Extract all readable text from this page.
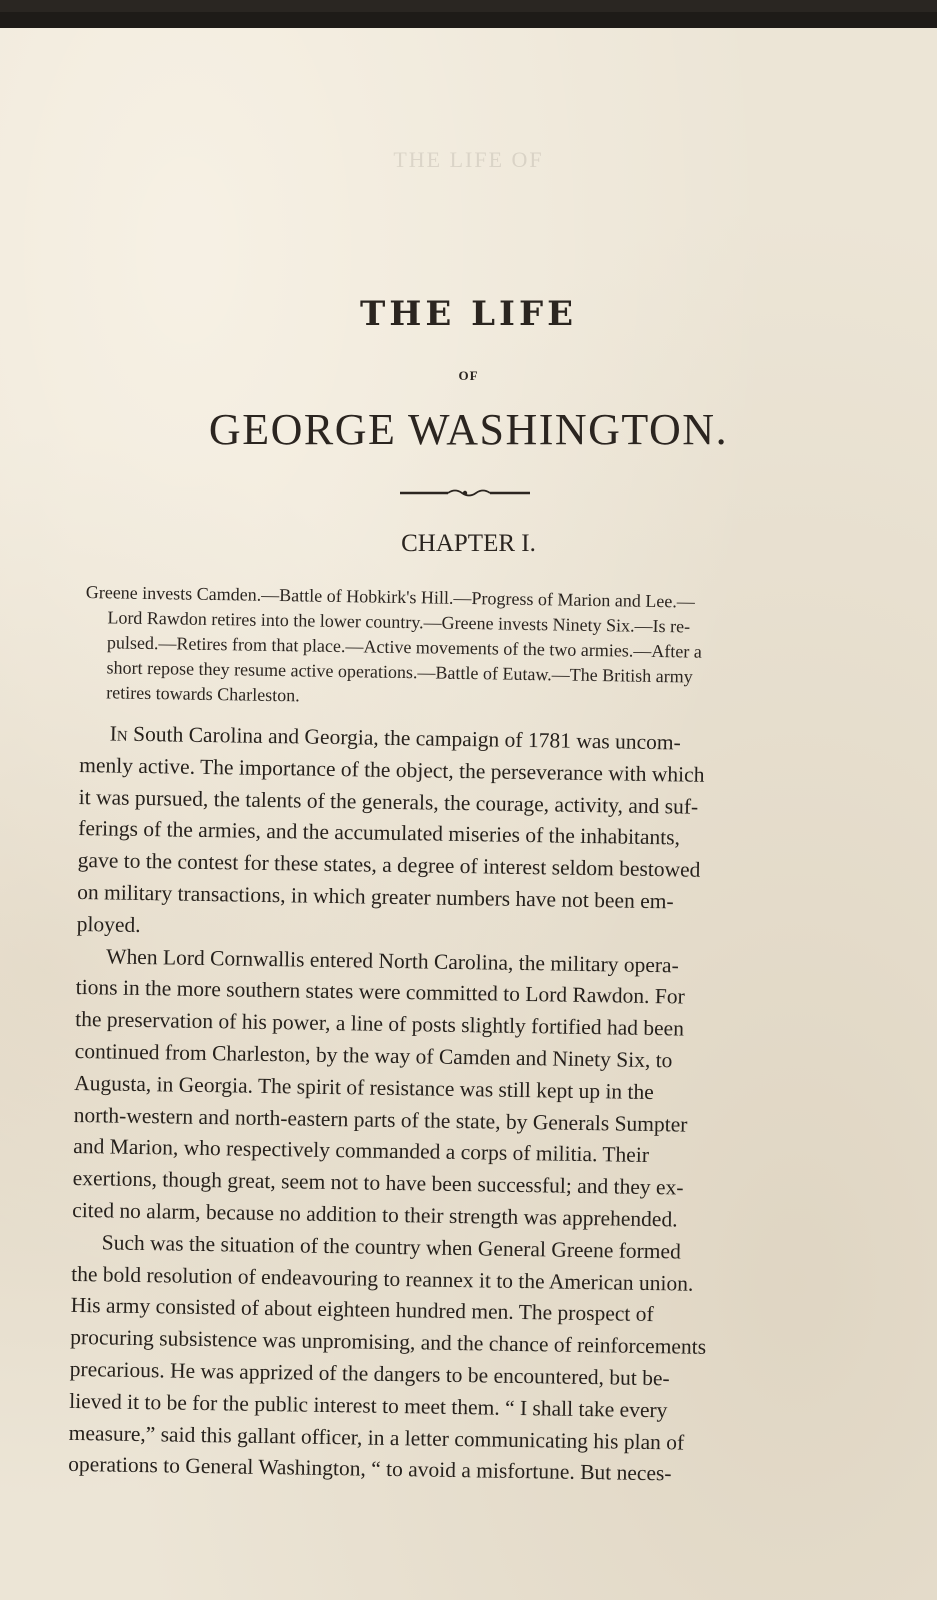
THE LIFE OF
THE LIFE
OF
GEORGE WASHINGTON.
CHAPTER I.
Greene invests Camden.—Battle of Hobkirk's Hill.—Progress of Marion and Lee.—
Lord Rawdon retires into the lower country.—Greene invests Ninety Six.—Is re-
pulsed.—Retires from that place.—Active movements of the two armies.—After a
short repose they resume active operations.—Battle of Eutaw.—The British army
retires towards Charleston.
In South Carolina and Georgia, the campaign of 1781 was uncom-
menly active. The importance of the object, the perseverance with which
it was pursued, the talents of the generals, the courage, activity, and suf-
ferings of the armies, and the accumulated miseries of the inhabitants,
gave to the contest for these states, a degree of interest seldom bestowed
on military transactions, in which greater numbers have not been em-
ployed.
When Lord Cornwallis entered North Carolina, the military opera-
tions in the more southern states were committed to Lord Rawdon. For
the preservation of his power, a line of posts slightly fortified had been
continued from Charleston, by the way of Camden and Ninety Six, to
Augusta, in Georgia. The spirit of resistance was still kept up in the
north-western and north-eastern parts of the state, by Generals Sumpter
and Marion, who respectively commanded a corps of militia. Their
exertions, though great, seem not to have been successful; and they ex-
cited no alarm, because no addition to their strength was apprehended.
Such was the situation of the country when General Greene formed
the bold resolution of endeavouring to reannex it to the American union.
His army consisted of about eighteen hundred men. The prospect of
procuring subsistence was unpromising, and the chance of reinforcements
precarious. He was apprized of the dangers to be encountered, but be-
lieved it to be for the public interest to meet them. “ I shall take every
measure,” said this gallant officer, in a letter communicating his plan of
operations to General Washington, “ to avoid a misfortune. But neces-
